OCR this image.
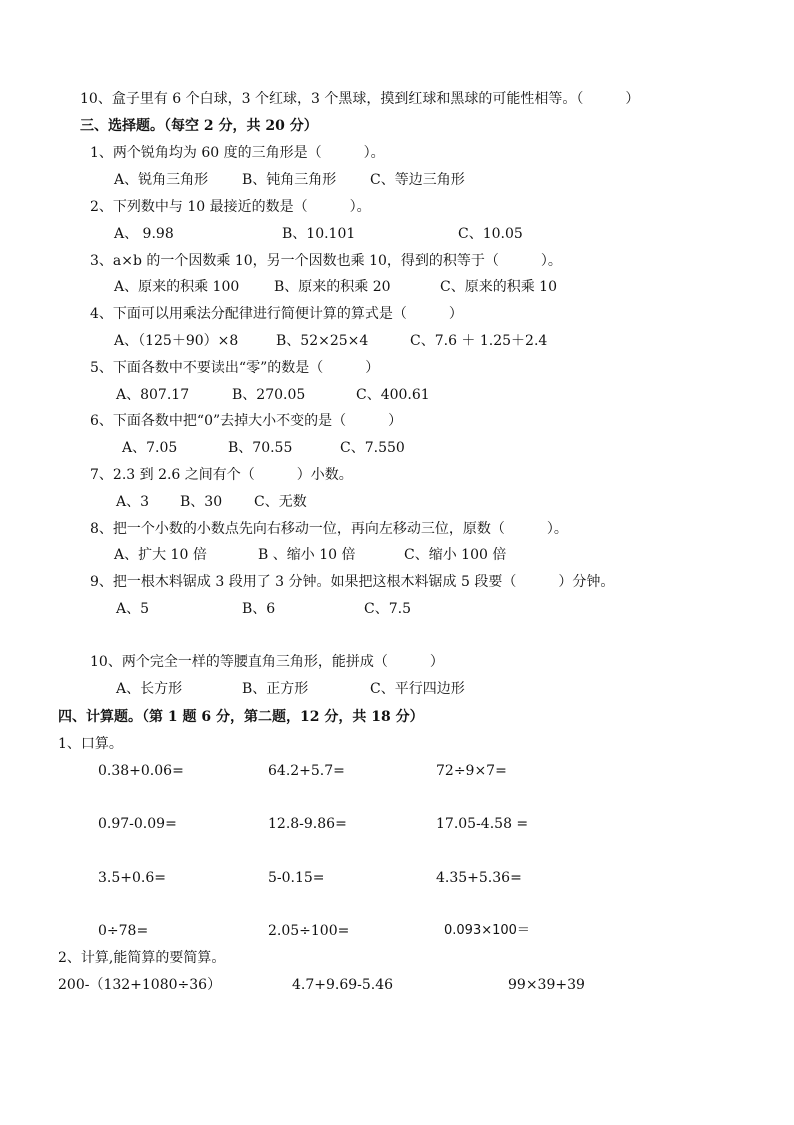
10、盒子里有 6 个白球，3 个红球，3 个黑球，摸到红球和黑球的可能性相等。（　　　）
三、选择题。（每空 2 分，共 20 分）
1、两个锐角均为 60 度的三角形是（　　　）。
A、锐角三角形 B、钝角三角形 C、等边三角形
2、下列数中与 10 最接近的数是（　　　）。
A、 9.98	B、10.101	C、10.05
3、a×b 的一个因数乘 10，另一个因数也乘 10，得到的积等于（　　　）。
A、原来的积乘 100 B、原来的积乘 20	C、原来的积乘 10
4、下面可以用乘法分配律进行简便计算的算式是（　　　）
A、（125＋90）×8	B、52×25×4	C、7.6 ＋ 1.25＋2.4
5、下面各数中不要读出“零”的数是（　　　）
A、807.17	B、270.05	C、400.61
6、下面各数中把“0”去掉大小不变的是（　　　）
A、7.05	B、70.55	C、7.550
7、2.3 到 2.6 之间有个（　　　）小数。
A、3 B、30 C、无数
8、把一个小数的小数点先向右移动一位，再向左移动三位，原数（　　　）。
A、扩大 10 倍	B 、缩小 10 倍	C、缩小 100 倍
9、把一根木料锯成 3 段用了 3 分钟。如果把这根木料锯成 5 段要（　　　）分钟。
A、5	B、6	C、7.5
10、两个完全一样的等腰直角三角形，能拼成（　　　）
A、长方形	B、正方形	C、平行四边形
四、计算题。（第 1 题 6 分，第二题，12 分，共 18 分）
1、口算。
0.38+0.06=	64.2+5.7=	72÷9×7=
0.97-0.09=	12.8-9.86=	17.05-4.58 =
3.5+0.6=	5-0.15=	4.35+5.36=
0÷78=	2.05÷100=	0.093×100＝
2、计算,能简算的要简算。
200-（132+1080÷36）	4.7+9.69-5.46	99×39+39
